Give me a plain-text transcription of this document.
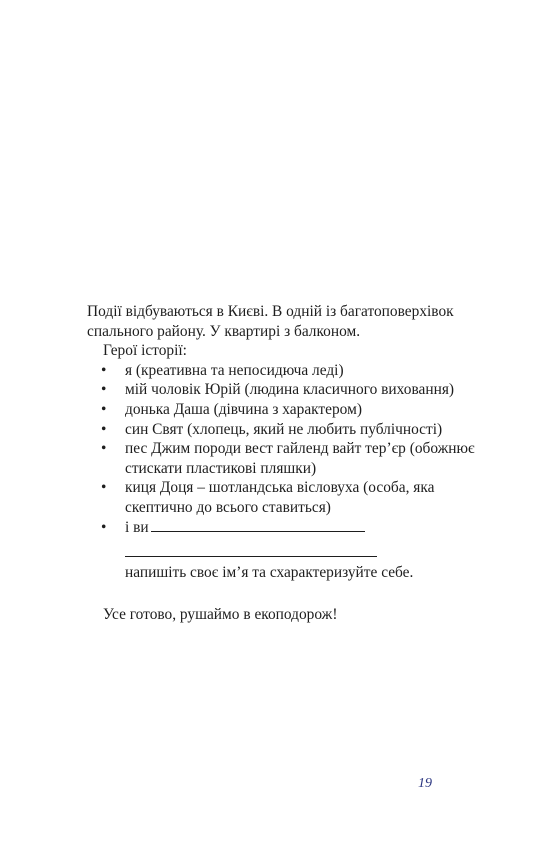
Події відбуваються в Києві. В одній із багатоповерхівок

спального району. У квартирі з балконом.

Герої історії:

• я (креативна та непосидюча леді)
• мій чоловік Юрій (людина класичного виховання)
• донька Даша (дівчина з характером)
• син Свят (хлопець, який не любить публічності)
• пес Джим породи вест гайленд вайт тер’єр (обожнює стискати пластикові пляшки)
• киця Доця – шотландська вісловуха (особа, яка скептично до всього ставиться)
• і ви

напишіть своє ім’я та схарактеризуйте себе.

Усе готово, рушаймо в екоподорож!

19
